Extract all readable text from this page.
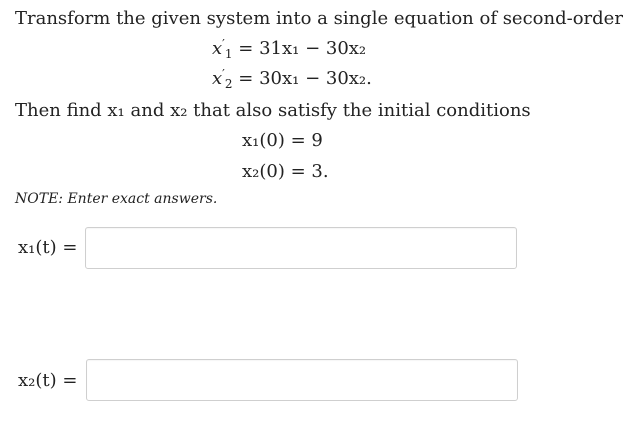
Transform the given system into a single equation of second-order
$x'_1 = 31x_1 - 30x_2$
$x'_2 = 30x_1 - 30x_2$.
Then find x₁ and x₂ that also satisfy the initial conditions
x₁(0) = 9
x₂(0) = 3.
NOTE: Enter exact answers.
x₁(t) =
x₂(t) =
